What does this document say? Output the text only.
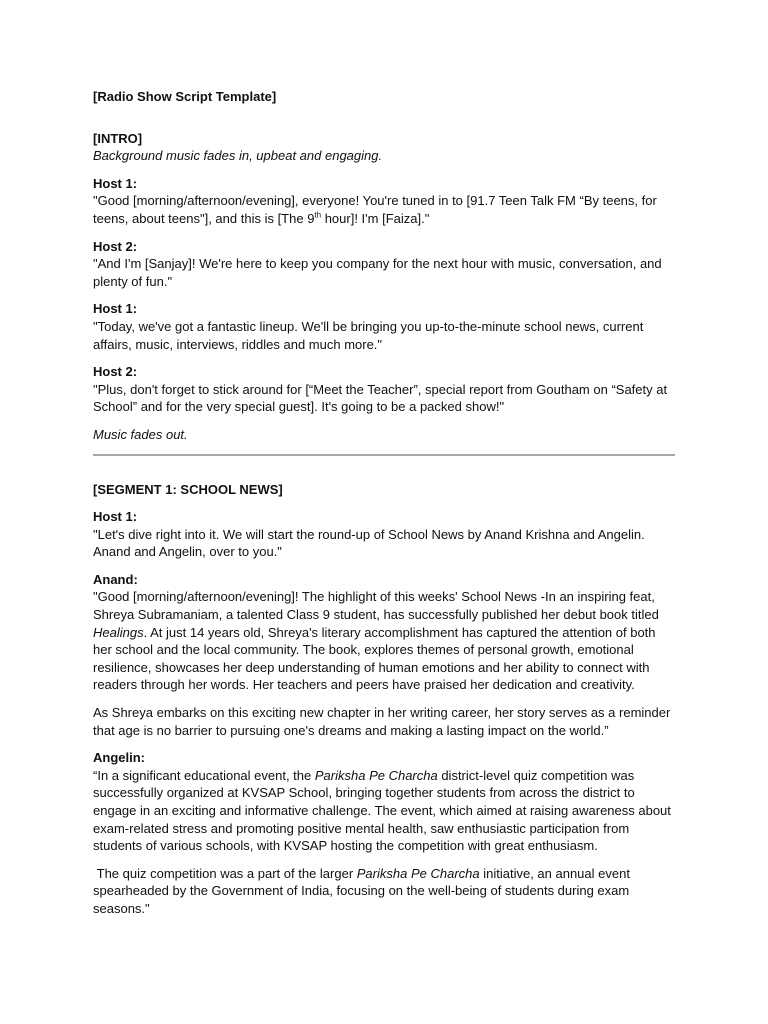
[Radio Show Script Template]

[INTRO]

Background music fades in, upbeat and engaging.

Host 1:

"Good [morning/afternoon/evening], everyone! You're tuned in to [91.7 Teen Talk FM “By teens, for teens, about teens"], and this is [The 9th hour]! I'm [Faiza]."

Host 2:

"And I'm [Sanjay]! We're here to keep you company for the next hour with music, conversation, and plenty of fun."

Host 1:

"Today, we've got a fantastic lineup. We'll be bringing you up-to-the-minute school news, current affairs, music, interviews, riddles and much more."

Host 2:

"Plus, don't forget to stick around for [“Meet the Teacher”, special report from Goutham on “Safety at School” and for the very special guest]. It's going to be a packed show!"

Music fades out.

[SEGMENT 1: SCHOOL NEWS]

Host 1:

"Let's dive right into it. We will start the round-up of School News by Anand Krishna and Angelin. Anand and Angelin, over to you."

Anand:

"Good [morning/afternoon/evening]! The highlight of this weeks' School News -In an inspiring feat, Shreya Subramaniam, a talented Class 9 student, has successfully published her debut book titled Healings. At just 14 years old, Shreya's literary accomplishment has captured the attention of both her school and the local community. The book, explores themes of personal growth, emotional resilience, showcases her deep understanding of human emotions and her ability to connect with readers through her words. Her teachers and peers have praised her dedication and creativity.

As Shreya embarks on this exciting new chapter in her writing career, her story serves as a reminder that age is no barrier to pursuing one's dreams and making a lasting impact on the world.”

Angelin:

“In a significant educational event, the Pariksha Pe Charcha district-level quiz competition was successfully organized at KVSAP School, bringing together students from across the district to engage in an exciting and informative challenge. The event, which aimed at raising awareness about exam-related stress and promoting positive mental health, saw enthusiastic participation from students of various schools, with KVSAP hosting the competition with great enthusiasm.

The quiz competition was a part of the larger Pariksha Pe Charcha initiative, an annual event spearheaded by the Government of India, focusing on the well-being of students during exam seasons."
